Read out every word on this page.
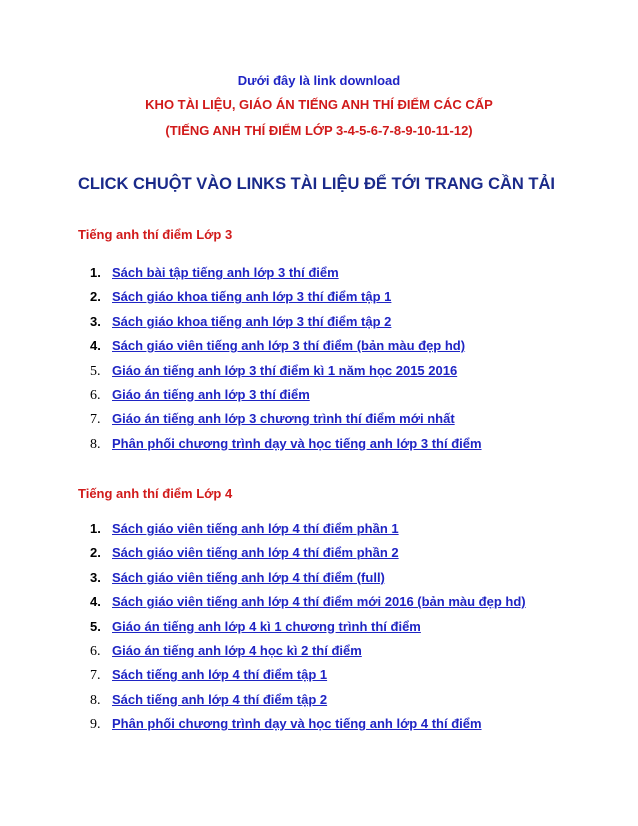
Dưới đây là link download
KHO TÀI LIỆU, GIÁO ÁN TIẾNG ANH THÍ ĐIỂM CÁC CẤP
(TIẾNG ANH THÍ ĐIỂM LỚP 3-4-5-6-7-8-9-10-11-12)
CLICK CHUỘT VÀO LINKS TÀI LIỆU ĐỂ TỚI TRANG CẦN TẢI
Tiếng anh thí điểm Lớp 3
1. Sách bài tập tiếng anh lớp 3 thí điểm
2. Sách giáo khoa tiếng anh lớp 3 thí điểm tập 1
3. Sách giáo khoa tiếng anh lớp 3 thí điểm tập 2
4. Sách giáo viên tiếng anh lớp 3 thí điểm (bản màu đẹp hd)
5. Giáo án tiếng anh lớp 3 thí điểm kì 1 năm học 2015 2016
6. Giáo án tiếng anh lớp 3 thí điểm
7. Giáo án tiếng anh lớp 3 chương trình thí điểm mới nhất
8. Phân phối chương trình dạy và học tiếng anh lớp 3 thí điểm
Tiếng anh thí điểm Lớp 4
1. Sách giáo viên tiếng anh lớp 4 thí điểm phần 1
2. Sách giáo viên tiếng anh lớp 4 thí điểm phần 2
3. Sách giáo viên tiếng anh lớp 4 thí điểm (full)
4. Sách giáo viên tiếng anh lớp 4 thí điểm mới 2016 (bản màu đẹp hd)
5. Giáo án tiếng anh lớp 4 kì 1 chương trình thí điểm
6. Giáo án tiếng anh lớp 4 học kì 2 thí điểm
7. Sách tiếng anh lớp 4 thí điểm tập 1
8. Sách tiếng anh lớp 4 thí điểm tập 2
9. Phân phối chương trình dạy và học tiếng anh lớp 4 thí điểm
